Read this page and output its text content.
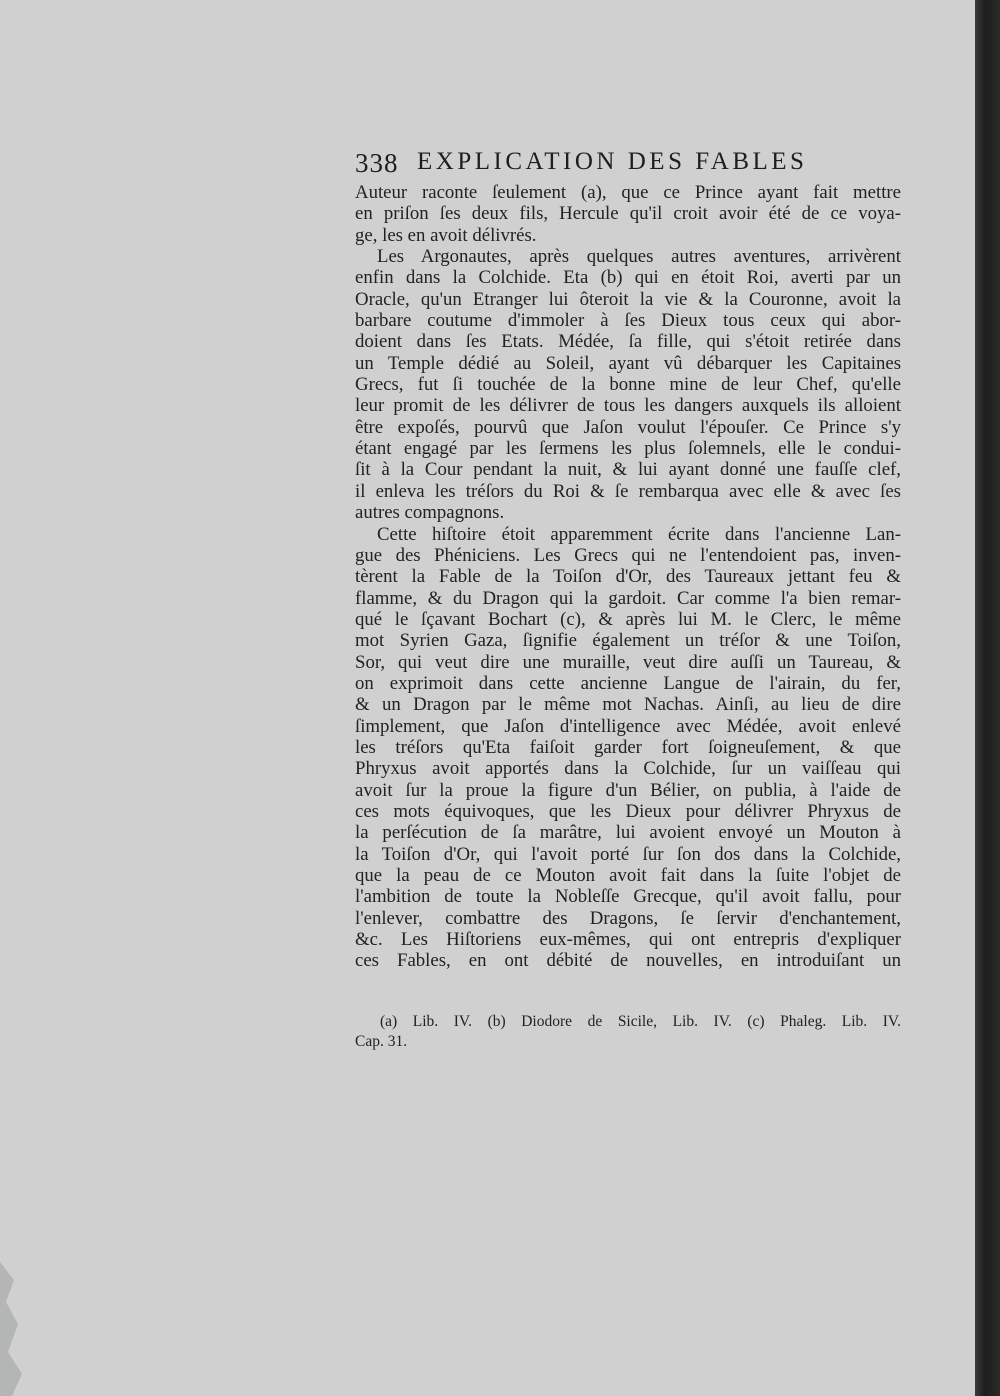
338 EXPLICATION DES FABLES
Auteur raconte ſeulement (a), que ce Prince ayant fait mettre
en priſon ſes deux fils, Hercule qu'il croit avoir été de ce voya-
ge, les en avoit délivrés.
Les Argonautes, après quelques autres aventures, arrivèrent
enfin dans la Colchide. Eta (b) qui en étoit Roi, averti par un
Oracle, qu'un Etranger lui ôteroit la vie & la Couronne, avoit la
barbare coutume d'immoler à ſes Dieux tous ceux qui abor-
doient dans ſes Etats. Médée, ſa fille, qui s'étoit retirée dans
un Temple dédié au Soleil, ayant vû débarquer les Capitaines
Grecs, fut ſi touchée de la bonne mine de leur Chef, qu'elle
leur promit de les délivrer de tous les dangers auxquels ils alloient
être expoſés, pourvû que Jaſon voulut l'épouſer. Ce Prince s'y
étant engagé par les ſermens les plus ſolemnels, elle le condui-
ſit à la Cour pendant la nuit, & lui ayant donné une fauſſe clef,
il enleva les tréſors du Roi & ſe rembarqua avec elle & avec ſes
autres compagnons.
Cette hiſtoire étoit apparemment écrite dans l'ancienne Lan-
gue des Phéniciens. Les Grecs qui ne l'entendoient pas, inven-
tèrent la Fable de la Toiſon d'Or, des Taureaux jettant feu &
flamme, & du Dragon qui la gardoit. Car comme l'a bien remar-
qué le ſçavant Bochart (c), & après lui M. le Clerc, le même
mot Syrien Gaza, ſignifie également un tréſor & une Toiſon,
Sor, qui veut dire une muraille, veut dire auſſi un Taureau, &
on exprimoit dans cette ancienne Langue de l'airain, du fer,
& un Dragon par le même mot Nachas. Ainſi, au lieu de dire
ſimplement, que Jaſon d'intelligence avec Médée, avoit enlevé
les tréſors qu'Eta faiſoit garder fort ſoigneuſement, & que
Phryxus avoit apportés dans la Colchide, ſur un vaiſſeau qui
avoit ſur la proue la figure d'un Bélier, on publia, à l'aide de
ces mots équivoques, que les Dieux pour délivrer Phryxus de
la perſécution de ſa marâtre, lui avoient envoyé un Mouton à
la Toiſon d'Or, qui l'avoit porté ſur ſon dos dans la Colchide,
que la peau de ce Mouton avoit fait dans la ſuite l'objet de
l'ambition de toute la Nobleſſe Grecque, qu'il avoit fallu, pour
l'enlever, combattre des Dragons, ſe ſervir d'enchantement,
&c. Les Hiſtoriens eux-mêmes, qui ont entrepris d'expliquer
ces Fables, en ont débité de nouvelles, en introduiſant un
(a) Lib. IV. (b) Diodore de Sicile, Lib. IV. (c) Phaleg. Lib. IV.
Cap. 31.
